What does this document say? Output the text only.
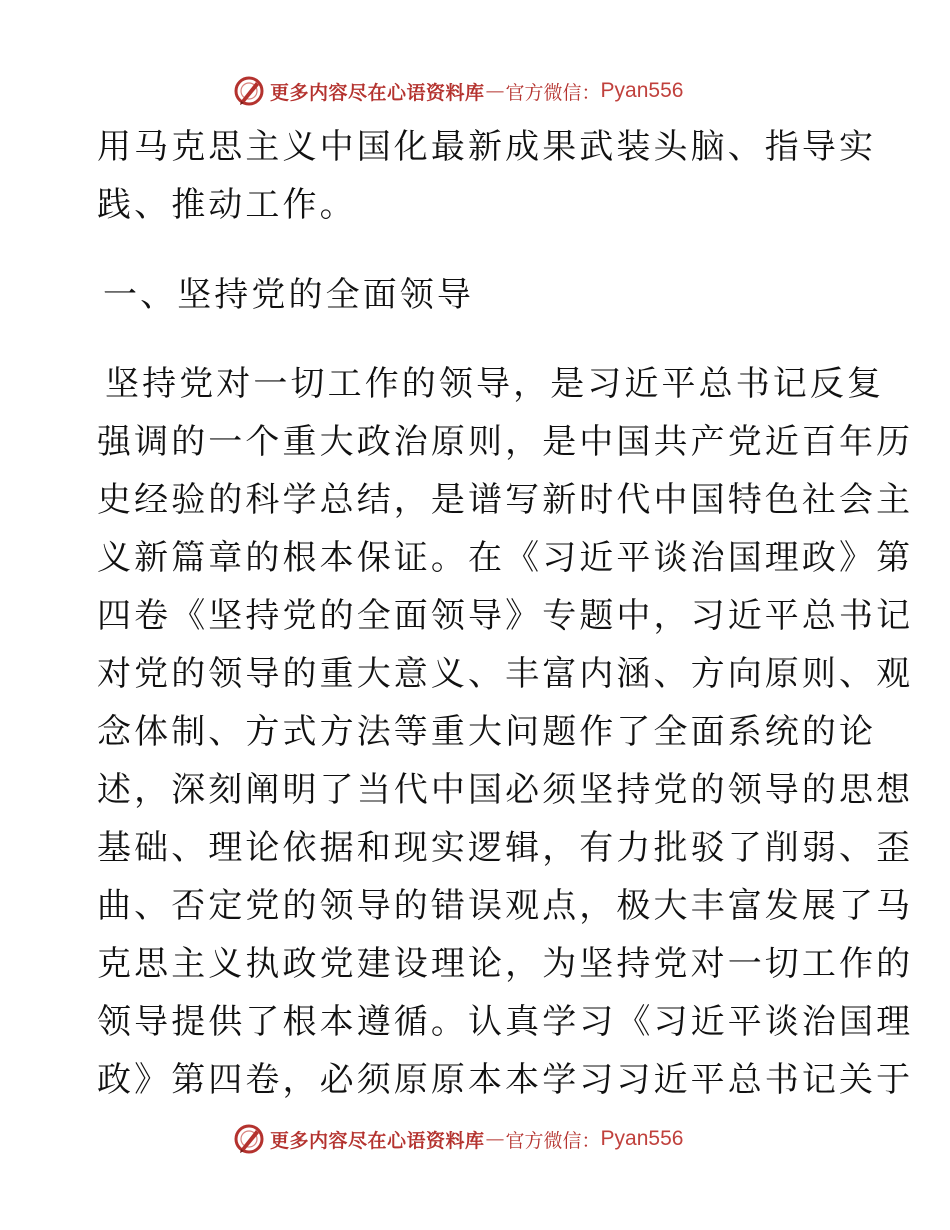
更多内容尽在心语资料库 — 官方微信： Pyan556
用马克思主义中国化最新成果武装头脑、指导实
践、推动工作。
一、坚持党的全面领导
坚持党对一切工作的领导，是习近平总书记反复
强调的一个重大政治原则，是中国共产党近百年历
史经验的科学总结，是谱写新时代中国特色社会主
义新篇章的根本保证。在《习近平谈治国理政》第
四卷《坚持党的全面领导》专题中，习近平总书记
对党的领导的重大意义、丰富内涵、方向原则、观
念体制、方式方法等重大问题作了全面系统的论
述，深刻阐明了当代中国必须坚持党的领导的思想
基础、理论依据和现实逻辑，有力批驳了削弱、歪
曲、否定党的领导的错误观点，极大丰富发展了马
克思主义执政党建设理论，为坚持党对一切工作的
领导提供了根本遵循。认真学习《习近平谈治国理
政》第四卷，必须原原本本学习习近平总书记关于
更多内容尽在心语资料库 — 官方微信： Pyan556
